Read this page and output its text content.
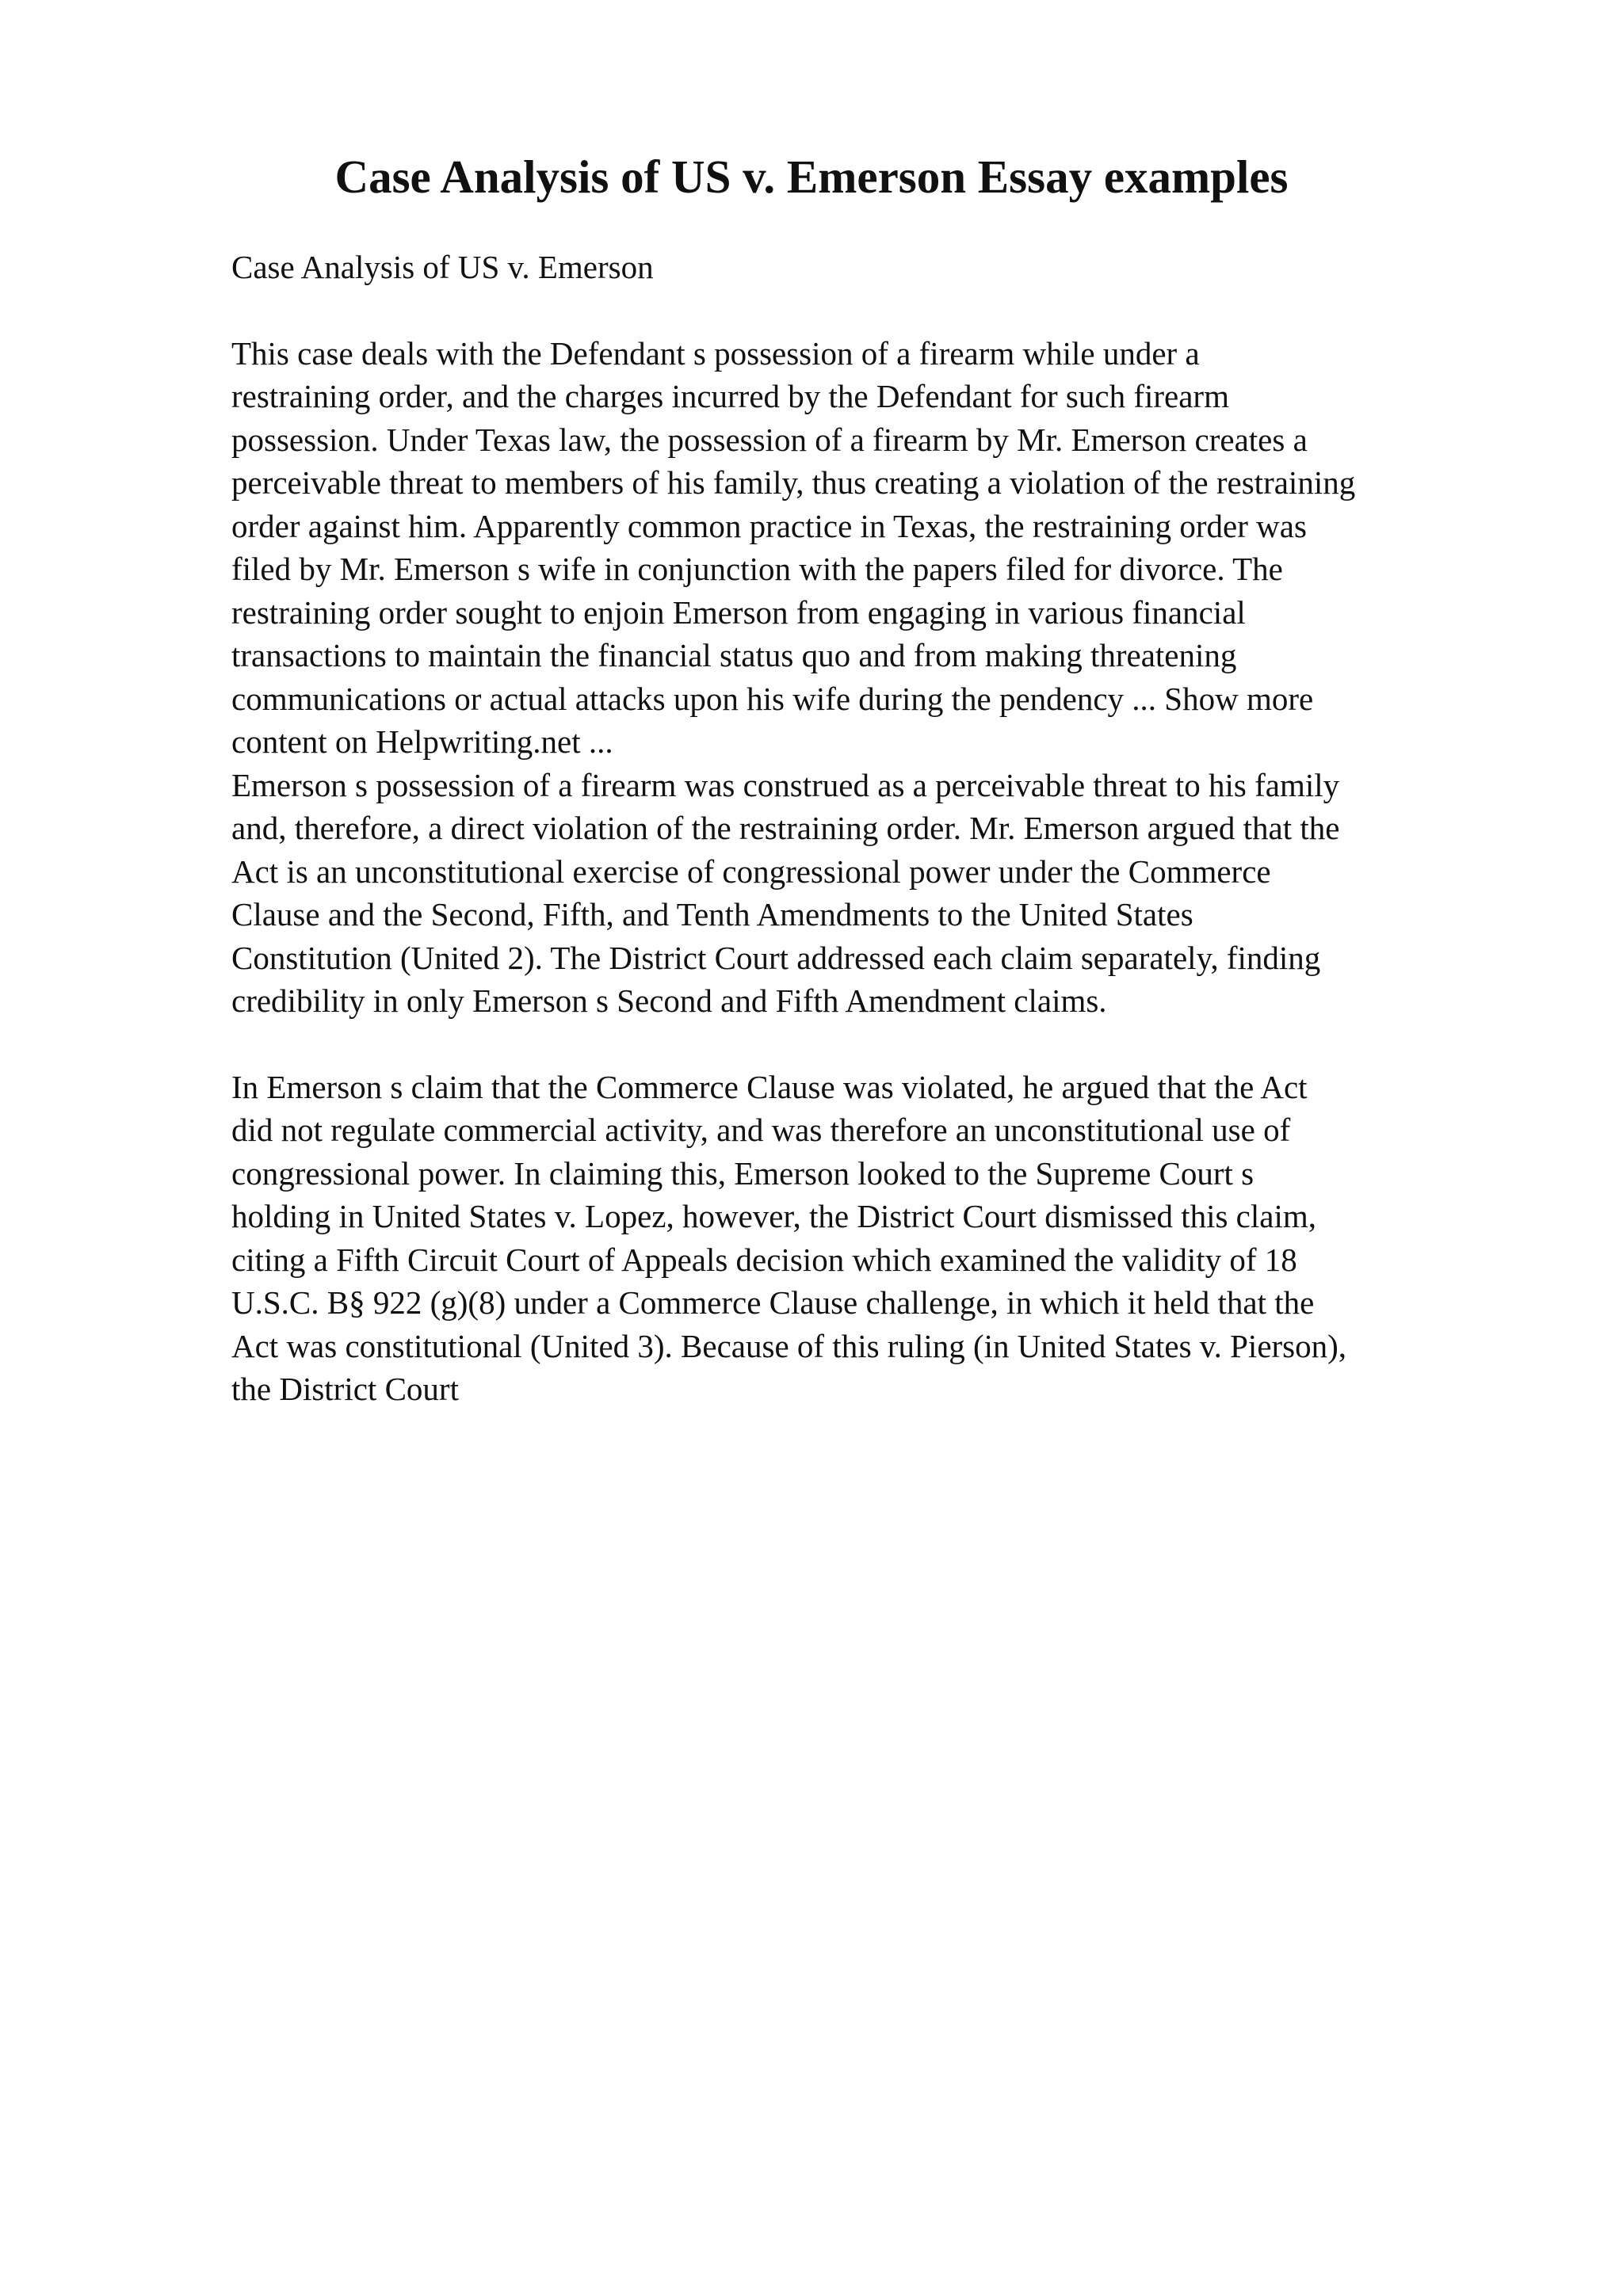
Case Analysis of US v. Emerson Essay examples

Case Analysis of US v. Emerson

This case deals with the Defendant s possession of a firearm while under a
restraining order, and the charges incurred by the Defendant for such firearm
possession. Under Texas law, the possession of a firearm by Mr. Emerson creates a
perceivable threat to members of his family, thus creating a violation of the restraining
order against him. Apparently common practice in Texas, the restraining order was
filed by Mr. Emerson s wife in conjunction with the papers filed for divorce. The
restraining order sought to enjoin Emerson from engaging in various financial
transactions to maintain the financial status quo and from making threatening
communications or actual attacks upon his wife during the pendency ... Show more
content on Helpwriting.net ...
Emerson s possession of a firearm was construed as a perceivable threat to his family
and, therefore, a direct violation of the restraining order. Mr. Emerson argued that the
Act is an unconstitutional exercise of congressional power under the Commerce
Clause and the Second, Fifth, and Tenth Amendments to the United States
Constitution (United 2). The District Court addressed each claim separately, finding
credibility in only Emerson s Second and Fifth Amendment claims.

In Emerson s claim that the Commerce Clause was violated, he argued that the Act
did not regulate commercial activity, and was therefore an unconstitutional use of
congressional power. In claiming this, Emerson looked to the Supreme Court s
holding in United States v. Lopez, however, the District Court dismissed this claim,
citing a Fifth Circuit Court of Appeals decision which examined the validity of 18
U.S.C. B§ 922 (g)(8) under a Commerce Clause challenge, in which it held that the
Act was constitutional (United 3). Because of this ruling (in United States v. Pierson),
the District Court
